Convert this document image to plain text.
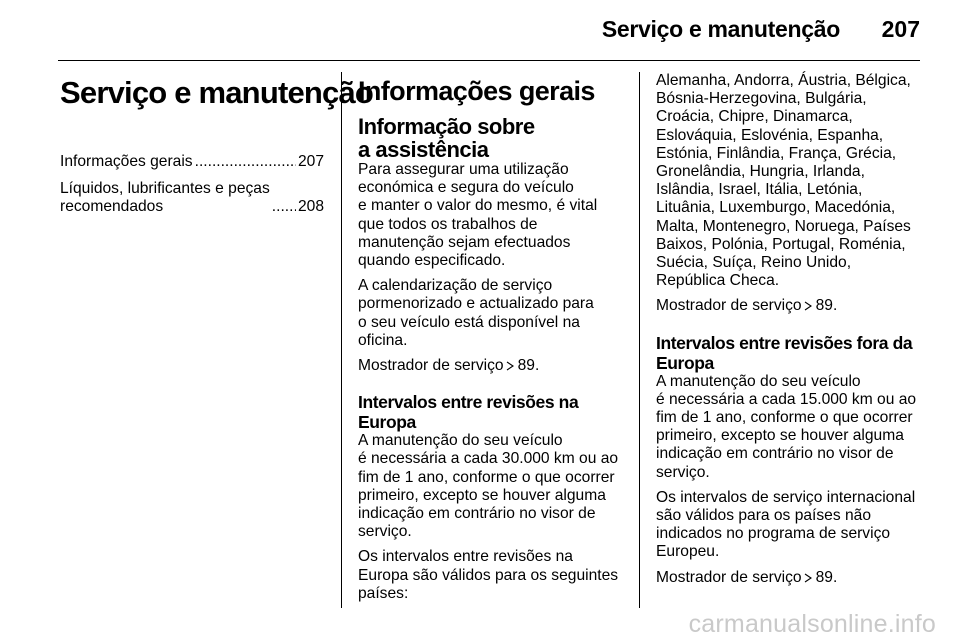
Serviço e manutenção	207
Serviço e manutenção
Informações gerais .....	207
Líquidos, lubrificantes e peças
recomendados .....	208
Informações gerais
Informação sobre
a assistência

Para assegurar uma utilização
económica e segura do veículo
e manter o valor do mesmo, é vital
que todos os trabalhos de
manutenção sejam efectuados
quando especificado.

A calendarização de serviço
pormenorizado e actualizado para
o seu veículo está disponível na
oficina.

Mostrador de serviço 89.

Intervalos entre revisões na
Europa

A manutenção do seu veículo
é necessária a cada 30.000 km ou ao
fim de 1 ano, conforme o que ocorrer
primeiro, excepto se houver alguma
indicação em contrário no visor de
serviço.

Os intervalos entre revisões na
Europa são válidos para os seguintes
países:

Alemanha, Andorra, Áustria, Bélgica,
Bósnia-Herzegovina, Bulgária,
Croácia, Chipre, Dinamarca,
Eslováquia, Eslovénia, Espanha,
Estónia, Finlândia, França, Grécia,
Gronelândia, Hungria, Irlanda,
Islândia, Israel, Itália, Letónia,
Lituânia, Luxemburgo, Macedónia,
Malta, Montenegro, Noruega, Países
Baixos, Polónia, Portugal, Roménia,
Suécia, Suíça, Reino Unido,
República Checa.

Mostrador de serviço 89.

Intervalos entre revisões fora da
Europa

A manutenção do seu veículo
é necessária a cada 15.000 km ou ao
fim de 1 ano, conforme o que ocorrer
primeiro, excepto se houver alguma
indicação em contrário no visor de
serviço.

Os intervalos de serviço internacional
são válidos para os países não
indicados no programa de serviço
Europeu.

Mostrador de serviço 89.

carmanualsonline.info
